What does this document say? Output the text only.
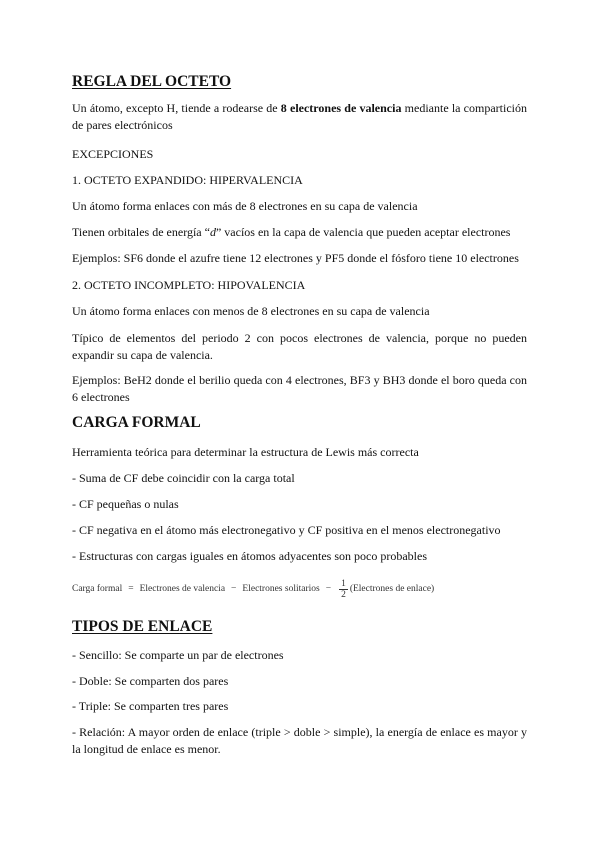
REGLA DEL OCTETO
Un átomo, excepto H, tiende a rodearse de 8 electrones de valencia mediante la compartición de pares electrónicos
EXCEPCIONES
1. OCTETO EXPANDIDO: HIPERVALENCIA
Un átomo forma enlaces con más de 8 electrones en su capa de valencia
Tienen orbitales de energía “d” vacíos en la capa de valencia que pueden aceptar electrones
Ejemplos: SF6 donde el azufre tiene 12 electrones y PF5 donde el fósforo tiene 10 electrones
2. OCTETO INCOMPLETO: HIPOVALENCIA
Un átomo forma enlaces con menos de 8 electrones en su capa de valencia
Típico de elementos del periodo 2 con pocos electrones de valencia, porque no pueden expandir su capa de valencia.
Ejemplos: BeH2 donde el berilio queda con 4 electrones, BF3 y BH3 donde el boro queda con 6 electrones
CARGA FORMAL
Herramienta teórica para determinar la estructura de Lewis más correcta
- Suma de CF debe coincidir con la carga total
- CF pequeñas o nulas
- CF negativa en el átomo más electronegativo y CF positiva en el menos electronegativo
- Estructuras con cargas iguales en átomos adyacentes son poco probables
Carga formal = Electrones de valencia − Electrones solitarios − $\frac{1}{2}$ (Electrones de enlace)
TIPOS DE ENLACE
- Sencillo: Se comparte un par de electrones
- Doble: Se comparten dos pares
- Triple: Se comparten tres pares
- Relación: A mayor orden de enlace (triple > doble > simple), la energía de enlace es mayor y la longitud de enlace es menor.
